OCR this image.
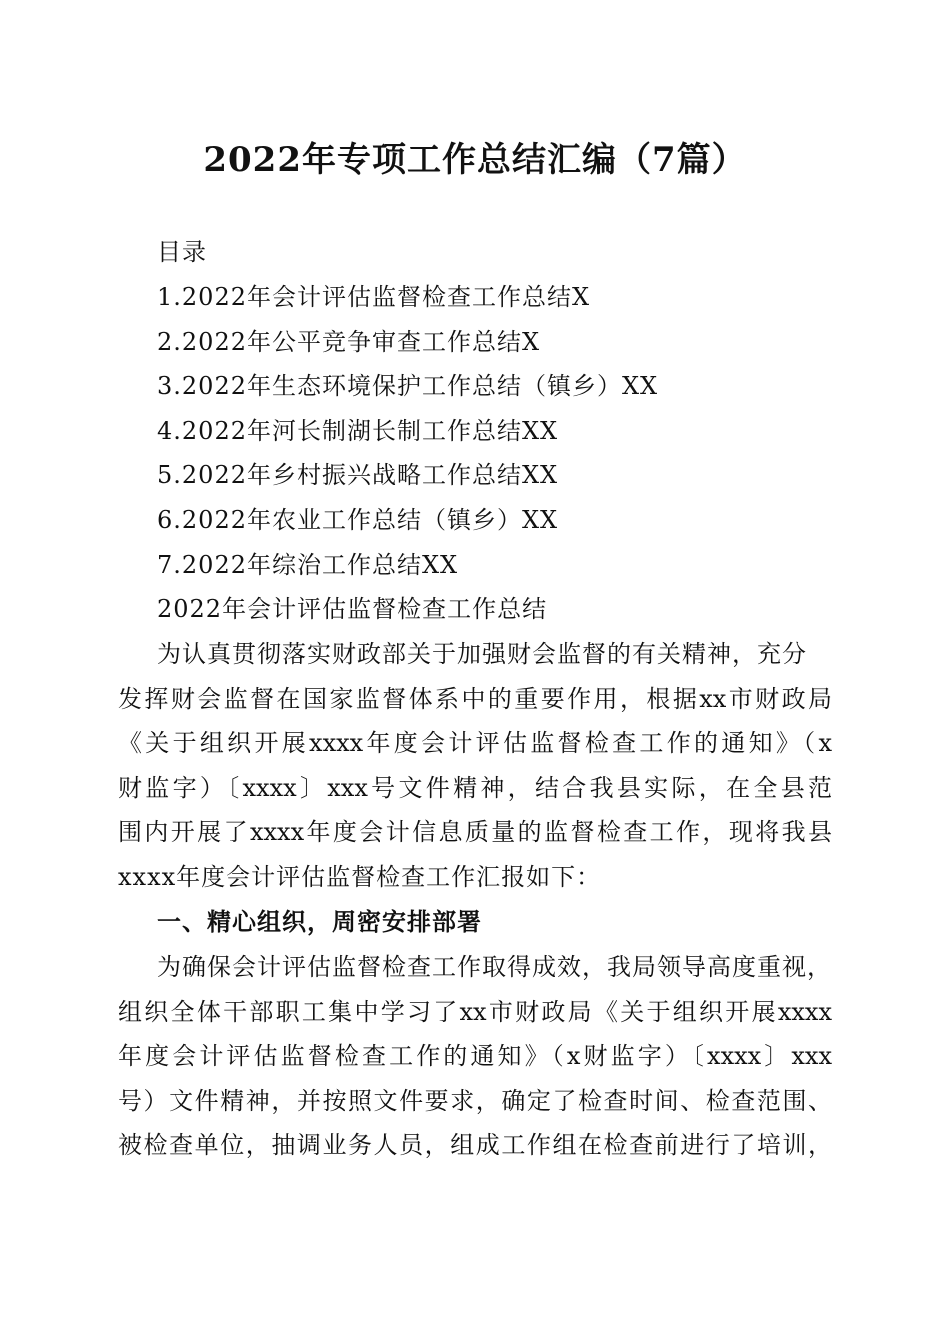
2022年专项工作总结汇编（7篇）
目录
1.2022年会计评估监督检查工作总结X
2.2022年公平竞争审查工作总结X
3.2022年生态环境保护工作总结（镇乡）XX
4.2022年河长制湖长制工作总结XX
5.2022年乡村振兴战略工作总结XX
6.2022年农业工作总结（镇乡）XX
7.2022年综治工作总结XX
2022年会计评估监督检查工作总结
为认真贯彻落实财政部关于加强财会监督的有关精神，充分
发挥财会监督在国家监督体系中的重要作用，根据xx市财政局
《关于组织开展xxxx年度会计评估监督检查工作的通知》（x
财监字）〔xxxx〕xxx号文件精神，结合我县实际，在全县范
围内开展了xxxx年度会计信息质量的监督检查工作，现将我县
xxxx年度会计评估监督检查工作汇报如下：
一、精心组织，周密安排部署
为确保会计评估监督检查工作取得成效，我局领导高度重视，
组织全体干部职工集中学习了xx市财政局《关于组织开展xxxx
年度会计评估监督检查工作的通知》（x财监字）〔xxxx〕xxx
号）文件精神，并按照文件要求，确定了检查时间、检查范围、
被检查单位，抽调业务人员，组成工作组在检查前进行了培训，
